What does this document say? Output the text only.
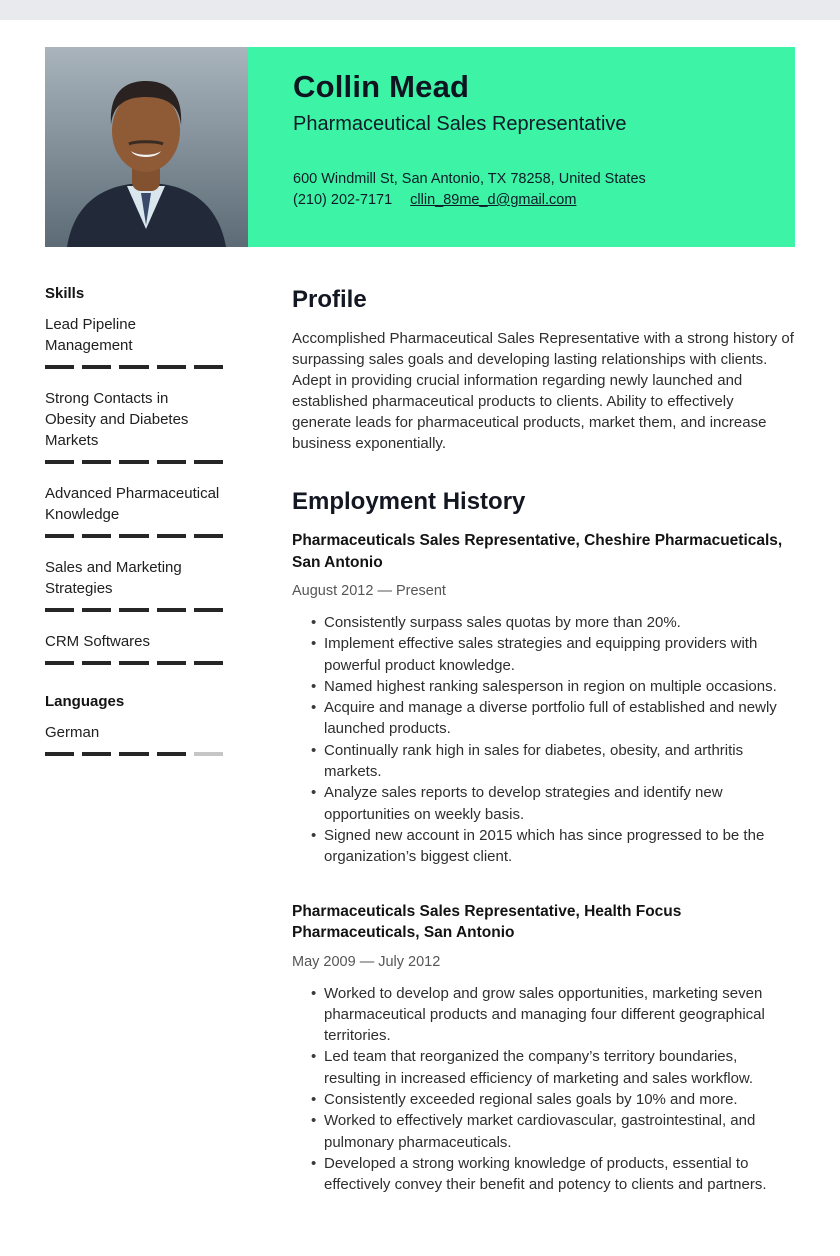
Collin Mead
Pharmaceutical Sales Representative
600 Windmill St, San Antonio, TX 78258, United States
(210) 202-7171 cllin_89me_d@gmail.com
Skills
Lead Pipeline Management
Strong Contacts in Obesity and Diabetes Markets
Advanced Pharmaceutical Knowledge
Sales and Marketing Strategies
CRM Softwares
Languages
German
Profile

Accomplished Pharmaceutical Sales Representative with a strong history of surpassing sales goals and developing lasting relationships with clients. Adept in providing crucial information regarding newly launched and established pharmaceutical products to clients. Ability to effectively generate leads for pharmaceutical products, market them, and increase business exponentially.

Employment History
Pharmaceuticals Sales Representative, Cheshire Pharmacueticals, San Antonio
August 2012 — Present
• Consistently surpass sales quotas by more than 20%.
• Implement effective sales strategies and equipping providers with powerful product knowledge.
• Named highest ranking salesperson in region on multiple occasions.
• Acquire and manage a diverse portfolio full of established and newly launched products.
• Continually rank high in sales for diabetes, obesity, and arthritis markets.
• Analyze sales reports to develop strategies and identify new opportunities on weekly basis.
• Signed new account in 2015 which has since progressed to be the organization’s biggest client.
Pharmaceuticals Sales Representative, Health Focus Pharmaceuticals, San Antonio
May 2009 — July 2012
• Worked to develop and grow sales opportunities, marketing seven pharmaceutical products and managing four different geographical territories.
• Led team that reorganized the company’s territory boundaries, resulting in increased efficiency of marketing and sales workflow.
• Consistently exceeded regional sales goals by 10% and more.
• Worked to effectively market cardiovascular, gastrointestinal, and pulmonary pharmaceuticals.
• Developed a strong working knowledge of products, essential to effectively convey their benefit and potency to clients and partners.
